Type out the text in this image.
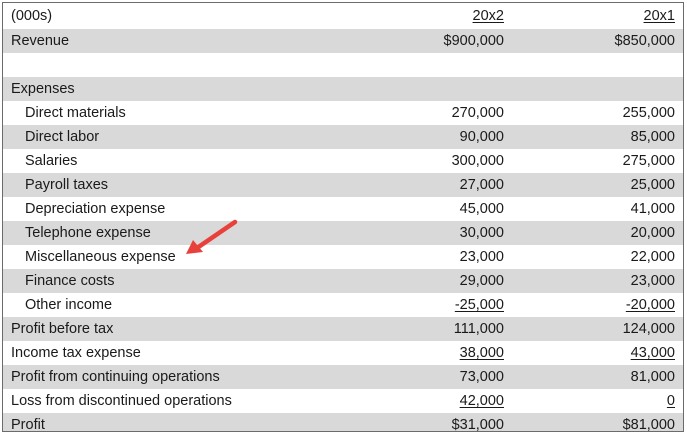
(000s)	20x2	20x1
Revenue	$900,000	$850,000
Expenses
Direct materials	270,000	255,000
Direct labor	90,000	85,000
Salaries	300,000	275,000
Payroll taxes	27,000	25,000
Depreciation expense	45,000	41,000
Telephone expense	30,000	20,000
Miscellaneous expense	23,000	22,000
Finance costs	29,000	23,000
Other income	-25,000	-20,000
Profit before tax	111,000	124,000
Income tax expense	38,000	43,000
Profit from continuing operations	73,000	81,000
Loss from discontinued operations	42,000	0
Profit	$31,000	$81,000
